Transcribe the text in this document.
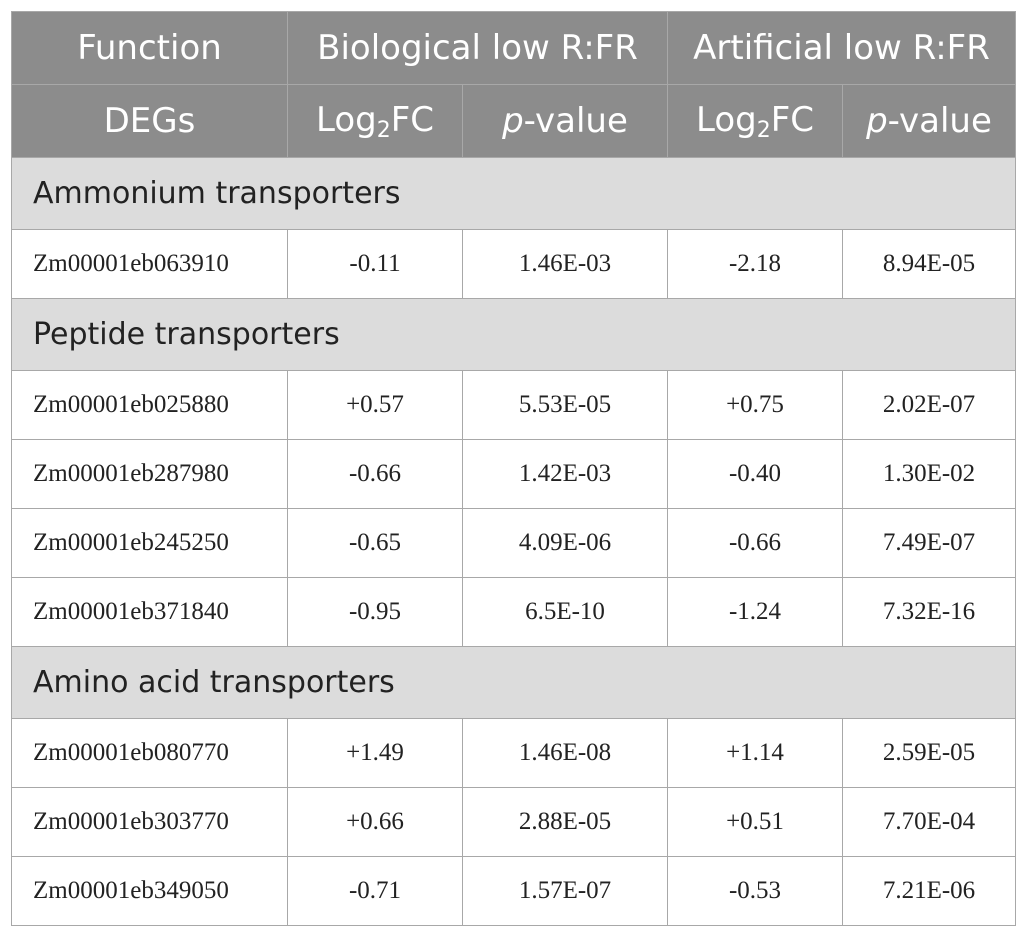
Function	Biological low R:FR		Artificial low R:FR	
DEGs	Log$_2$FC	p-value	Log$_2$FC	p-value
Ammonium transporters				
Zm00001eb063910	-0.11	1.46E-03	-2.18	8.94E-05
Peptide transporters				
Zm00001eb025880	+0.57	5.53E-05	+0.75	2.02E-07
Zm00001eb287980	-0.66	1.42E-03	-0.40	1.30E-02
Zm00001eb245250	-0.65	4.09E-06	-0.66	7.49E-07
Zm00001eb371840	-0.95	6.5E-10	-1.24	7.32E-16
Amino acid transporters				
Zm00001eb080770	+1.49	1.46E-08	+1.14	2.59E-05
Zm00001eb303770	+0.66	2.88E-05	+0.51	7.70E-04
Zm00001eb349050	-0.71	1.57E-07	-0.53	7.21E-06
